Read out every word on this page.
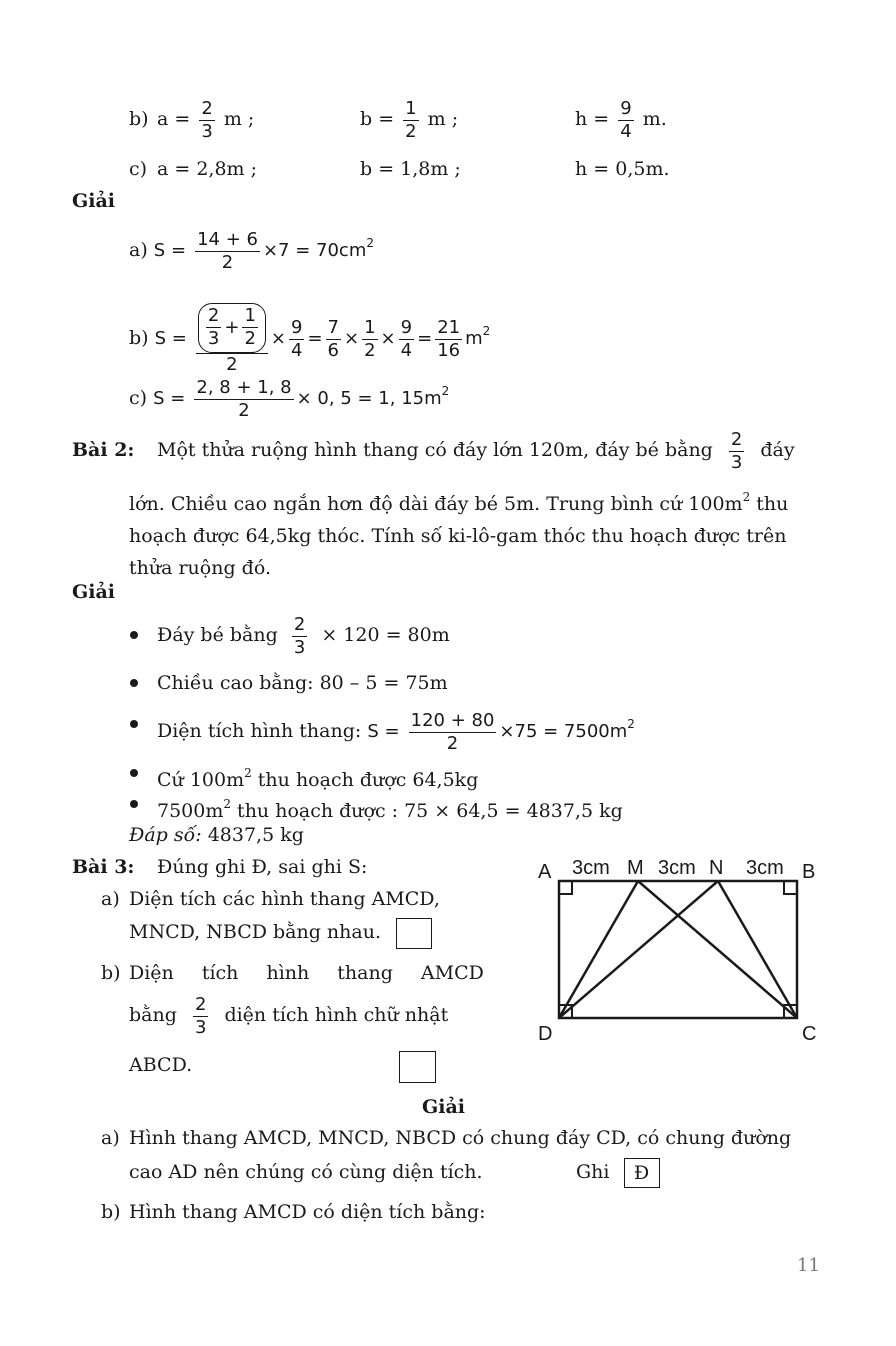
b) $a = \frac{2}{3}$ m ;	$b = \frac{1}{2}$ m ;	$h = \frac{9}{4} m$.
c) a = 2,8m ;	b = 1,8m ;	h = 0,5m.
Giải
a) $S = \frac{14 + 6}{2} \times 7 = 70cm^2$
b) $S = \frac{\frac{2}{3} + \frac{1}{2}}{2} \times \frac{9}{4} = \frac{7}{6} \times \frac{1}{2} \times \frac{9}{4} = \frac{21}{16} m^2$
c) $S = \frac{2, 8 + 1, 8}{2} \times 0$, 5 = 1, $15m^2$
Bài 2: Một thửa ruộng hình thang có đáy lớn 120m, đáy bé bằng $\frac{2}{3}$ đáy
lớn. Chiều cao ngắn hơn độ dài đáy bé 5m. Trung bình cứ $100m^2$ thu
hoạch được 64,5kg thóc. Tính số ki-lô-gam thóc thu hoạch được trên
thửa ruộng đó.
Giải
Đáy bé bằng $\frac{2}{3} \times 120 = 80m$
Chiều cao bằng: 80 – 5 = 75m
Diện tích hình thang: $S = \frac{120 + 80}{2} \times 75 = 7500m^2$
Cứ $100m^2$ thu hoạch được 64,5kg
$7500m^2$ thu hoạch được : 75 × 64,5 = 4837,5 kg
Đáp số: 4837,5 kg
Bài 3: Đúng ghi Đ, sai ghi S:
a) Diện tích các hình thang AMCD,
MNCD, NBCD bằng nhau.
b) Diện tích hình thang AMCD
bằng $\frac{2}{3}$ diện tích hình chữ nhật
ABCD.
A	M	N	B
D	C
3cm 3cm	3cm
Giải
a) Hình thang AMCD, MNCD, NBCD có chung đáy CD, có chung đường
cao AD nên chúng có cùng diện tích.	Ghi Đ
b) Hình thang AMCD có diện tích bằng:
11
